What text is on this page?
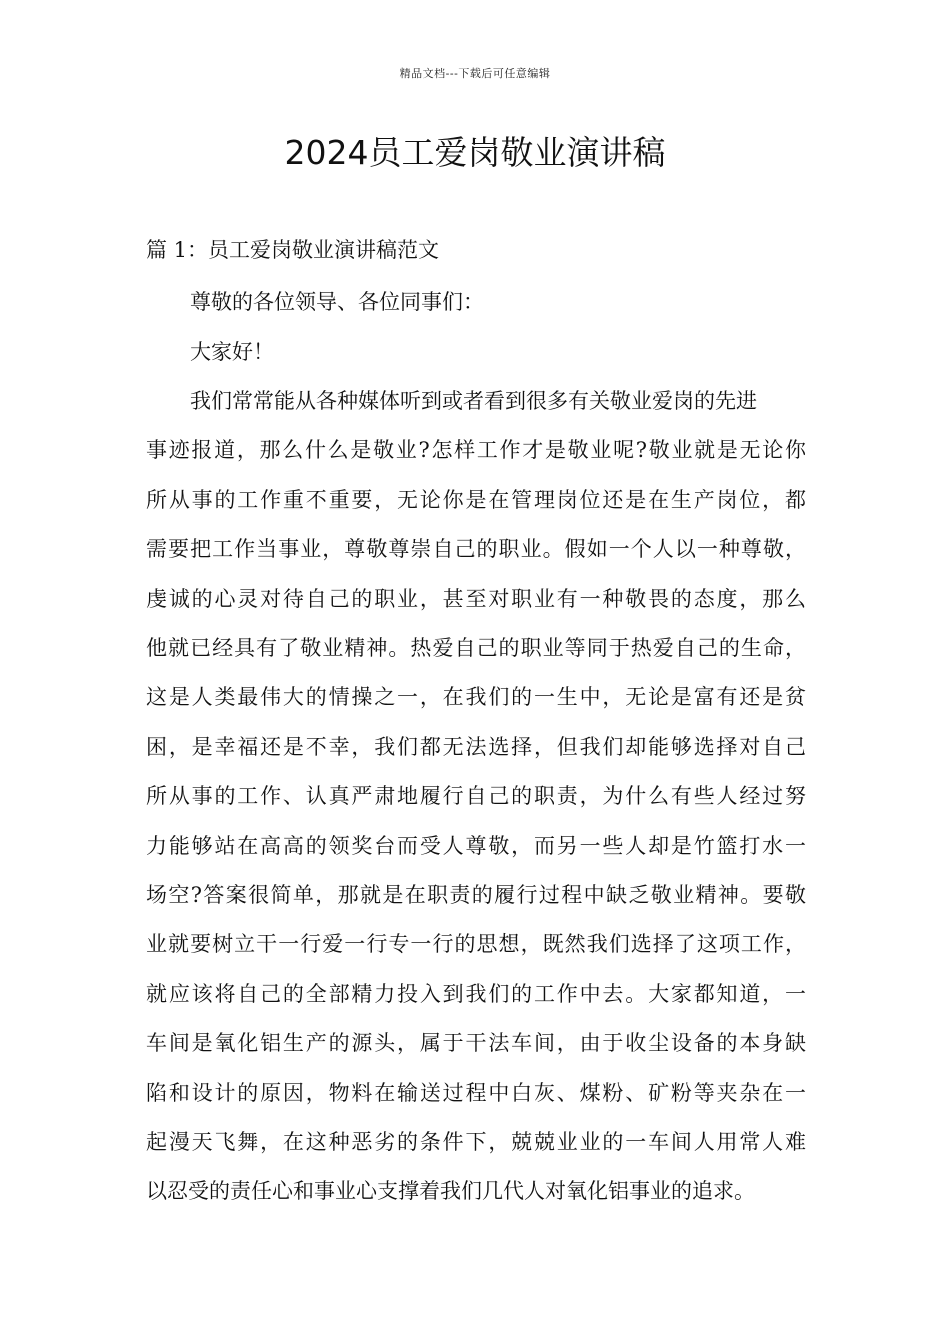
精品文档---下载后可任意编辑
2024员工爱岗敬业演讲稿
篇 1：员工爱岗敬业演讲稿范文

尊敬的各位领导、各位同事们：

大家好！

我们常常能从各种媒体听到或者看到很多有关敬业爱岗的先进

事迹报道，那么什么是敬业?怎样工作才是敬业呢?敬业就是无论你

所从事的工作重不重要，无论你是在管理岗位还是在生产岗位，都

需要把工作当事业，尊敬尊崇自己的职业。假如一个人以一种尊敬，

虔诚的心灵对待自己的职业，甚至对职业有一种敬畏的态度，那么

他就已经具有了敬业精神。热爱自己的职业等同于热爱自己的生命，

这是人类最伟大的情操之一，在我们的一生中，无论是富有还是贫

困，是幸福还是不幸，我们都无法选择，但我们却能够选择对自己

所从事的工作、认真严肃地履行自己的职责，为什么有些人经过努

力能够站在高高的领奖台而受人尊敬，而另一些人却是竹篮打水一

场空?答案很简单，那就是在职责的履行过程中缺乏敬业精神。要敬

业就要树立干一行爱一行专一行的思想，既然我们选择了这项工作，

就应该将自己的全部精力投入到我们的工作中去。大家都知道，一

车间是氧化铝生产的源头，属于干法车间，由于收尘设备的本身缺

陷和设计的原因，物料在输送过程中白灰、煤粉、矿粉等夹杂在一

起漫天飞舞，在这种恶劣的条件下，兢兢业业的一车间人用常人难

以忍受的责任心和事业心支撑着我们几代人对氧化铝事业的追求。
